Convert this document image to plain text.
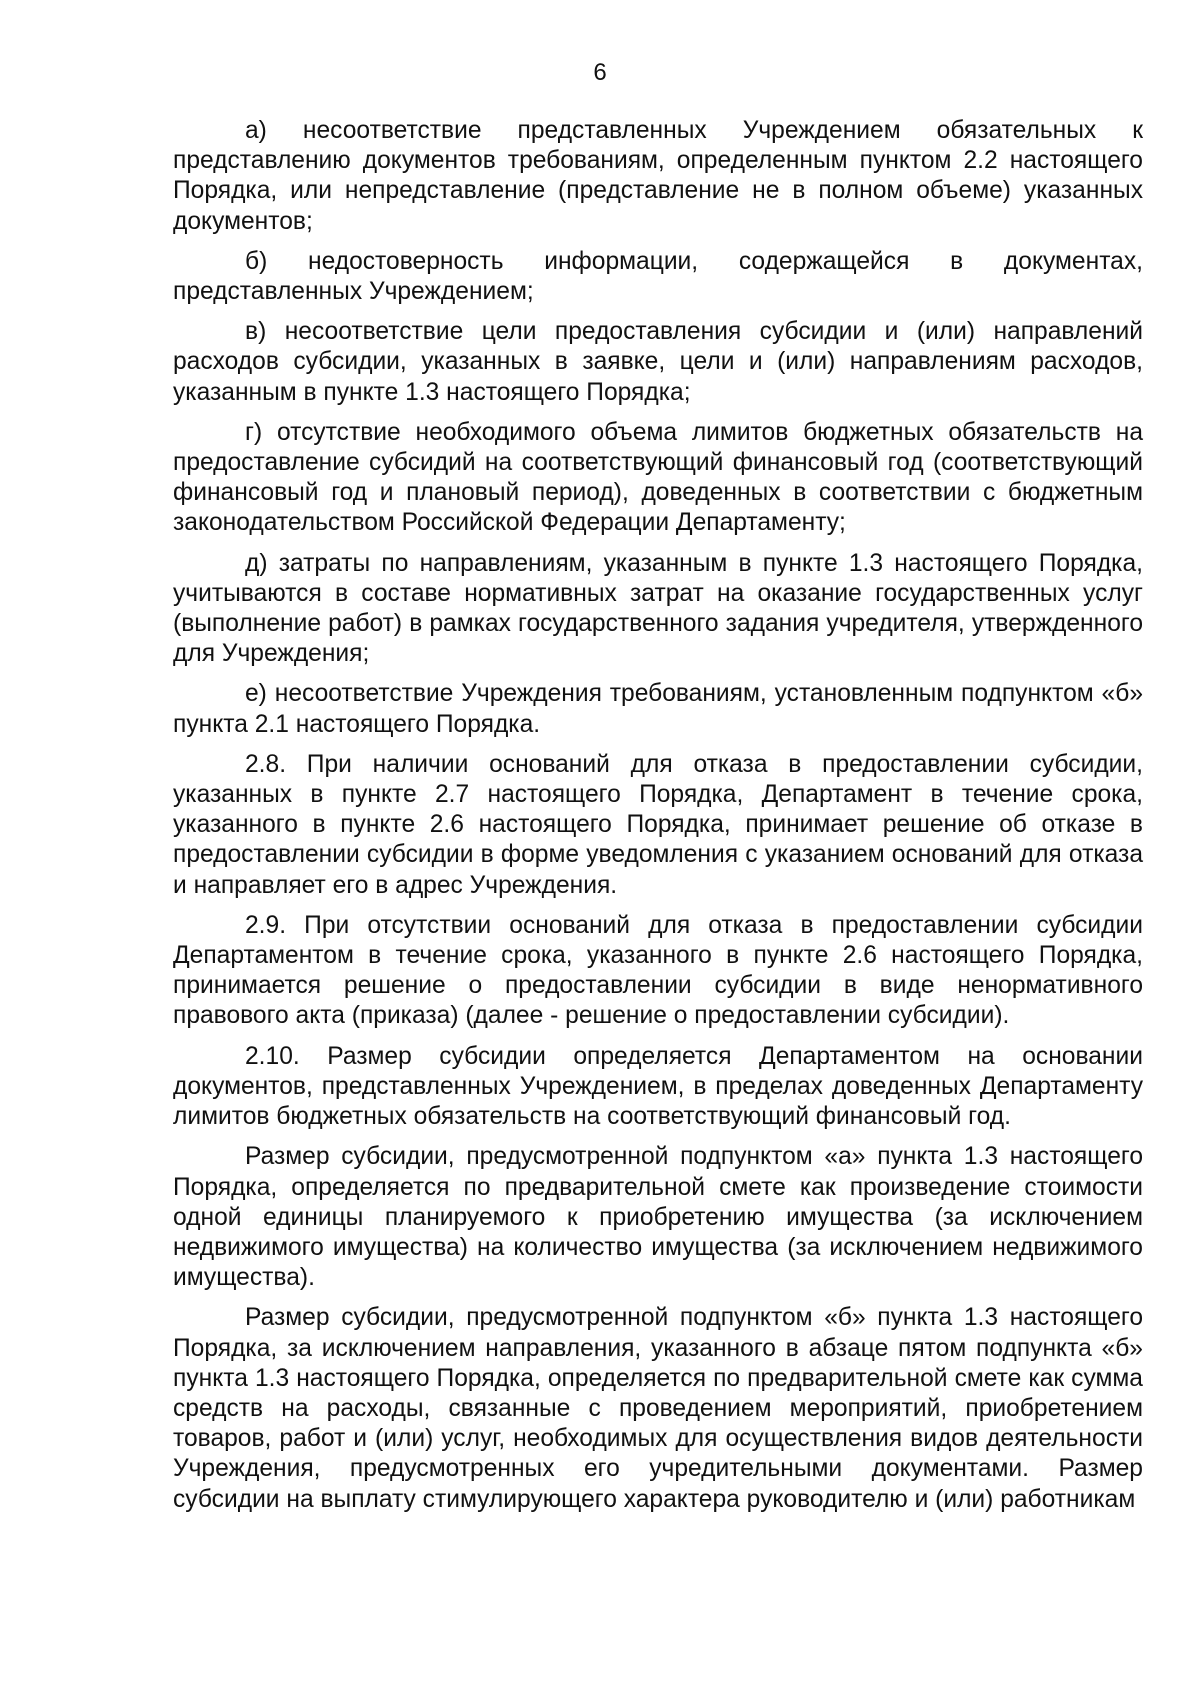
6

а) несоответствие представленных Учреждением обязательных к представлению документов требованиям, определенным пунктом 2.2 настоящего Порядка, или непредставление (представление не в полном объеме) указанных документов;

б) недостоверность информации, содержащейся в документах, представленных Учреждением;

в) несоответствие цели предоставления субсидии и (или) направлений расходов субсидии, указанных в заявке, цели и (или) направлениям расходов, указанным в пункте 1.3 настоящего Порядка;

г) отсутствие необходимого объема лимитов бюджетных обязательств на предоставление субсидий на соответствующий финансовый год (соответствующий финансовый год и плановый период), доведенных в соответствии с бюджетным законодательством Российской Федерации Департаменту;

д) затраты по направлениям, указанным в пункте 1.3 настоящего Порядка, учитываются в составе нормативных затрат на оказание государственных услуг (выполнение работ) в рамках государственного задания учредителя, утвержденного для Учреждения;

е) несоответствие Учреждения требованиям, установленным подпунктом «б» пункта 2.1 настоящего Порядка.

2.8. При наличии оснований для отказа в предоставлении субсидии, указанных в пункте 2.7 настоящего Порядка, Департамент в течение срока, указанного в пункте 2.6 настоящего Порядка, принимает решение об отказе в предоставлении субсидии в форме уведомления с указанием оснований для отказа и направляет его в адрес Учреждения.

2.9. При отсутствии оснований для отказа в предоставлении субсидии Департаментом в течение срока, указанного в пункте 2.6 настоящего Порядка, принимается решение о предоставлении субсидии в виде ненормативного правового акта (приказа) (далее - решение о предоставлении субсидии).

2.10. Размер субсидии определяется Департаментом на основании документов, представленных Учреждением, в пределах доведенных Департаменту лимитов бюджетных обязательств на соответствующий финансовый год.

Размер субсидии, предусмотренной подпунктом «а» пункта 1.3 настоящего Порядка, определяется по предварительной смете как произведение стоимости одной единицы планируемого к приобретению имущества (за исключением недвижимого имущества) на количество имущества (за исключением недвижимого имущества).

Размер субсидии, предусмотренной подпунктом «б» пункта 1.3 настоящего Порядка, за исключением направления, указанного в абзаце пятом подпункта «б» пункта 1.3 настоящего Порядка, определяется по предварительной смете как сумма средств на расходы, связанные с проведением мероприятий, приобретением товаров, работ и (или) услуг, необходимых для осуществления видов деятельности Учреждения, предусмотренных его учредительными документами. Размер субсидии на выплату стимулирующего характера руководителю и (или) работникам
